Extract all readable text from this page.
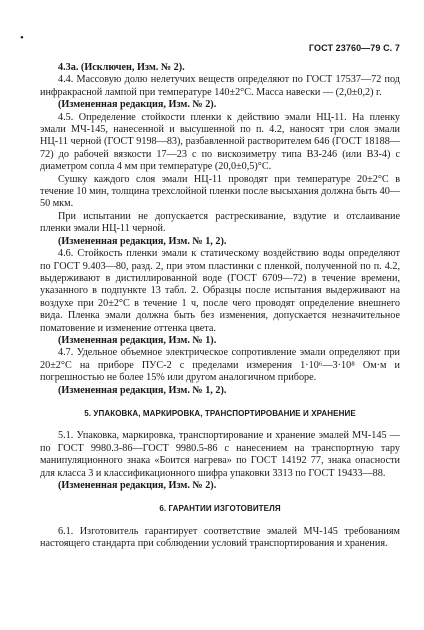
•
ГОСТ 23760—79 С. 7

4.3а. (Исключен, Изм. № 2).

4.4. Массовую долю нелетучих веществ определяют по ГОСТ 17537—72 под инфракрасной лампой при температуре 140±2°С. Масса навески — (2,0±0,2) г.

(Измененная редакция, Изм. № 2).

4.5. Определение стойкости пленки к действию эмали НЦ-11. На пленку эмали МЧ-145, нанесенной и высушенной по п. 4.2, наносят три слоя эмали НЦ-11 черной (ГОСТ 9198—83), разбавленной растворителем 646 (ГОСТ 18188—72) до рабочей вязкости 17—23 с по вискозиметру типа ВЗ-246 (или ВЗ-4) с диаметром сопла 4 мм при температуре (20,0±0,5)°С.

Сушку каждого слоя эмали НЦ-11 проводят при температуре 20±2°С в течение 10 мин, толщина трехслойной пленки после высыхания должна быть 40—50 мкм.

При испытании не допускается растрескивание, вздутие и отслаивание пленки эмали НЦ-11 черной.

(Измененная редакция, Изм. № 1, 2).

4.6. Стойкость пленки эмали к статическому воздействию воды определяют по ГОСТ 9.403—80, разд. 2, при этом пластинки с пленкой, полученной по п. 4.2, выдерживают в дистиллированной воде (ГОСТ 6709—72) в течение времени, указанного в подпункте 13 табл. 2. Образцы после испытания выдерживают на воздухе при 20±2°С в течение 1 ч, после чего проводят определение внешнего вида. Пленка эмали должна быть без изменения, допускается незначительное поматовение и изменение оттенка цвета.

(Измененная редакция, Изм. № 1).

4.7. Удельное объемное электрическое сопротивление эмали определяют при 20±2°С на приборе ПУС-2 с пределами измерения 1·10⁶—3·10⁸ Ом·м и погрешностью не более 15% или другом аналогичном приборе.

(Измененная редакция, Изм. № 1, 2).

5. УПАКОВКА, МАРКИРОВКА, ТРАНСПОРТИРОВАНИЕ И ХРАНЕНИЕ

5.1. Упаковка, маркировка, транспортирование и хранение эмалей МЧ-145 — по ГОСТ 9980.3-86—ГОСТ 9980.5-86 с нанесением на транспортную тару манипуляционного знака «Боится нагрева» по ГОСТ 14192 77, знака опасности для класса 3 и классификационного шифра упаковки 3313 по ГОСТ 19433—88.

(Измененная редакция, Изм. № 2).

6. ГАРАНТИИ ИЗГОТОВИТЕЛЯ

6.1. Изготовитель гарантирует соответствие эмалей МЧ-145 требованиям настоящего стандарта при соблюдении условий транспортирования и хранения.
